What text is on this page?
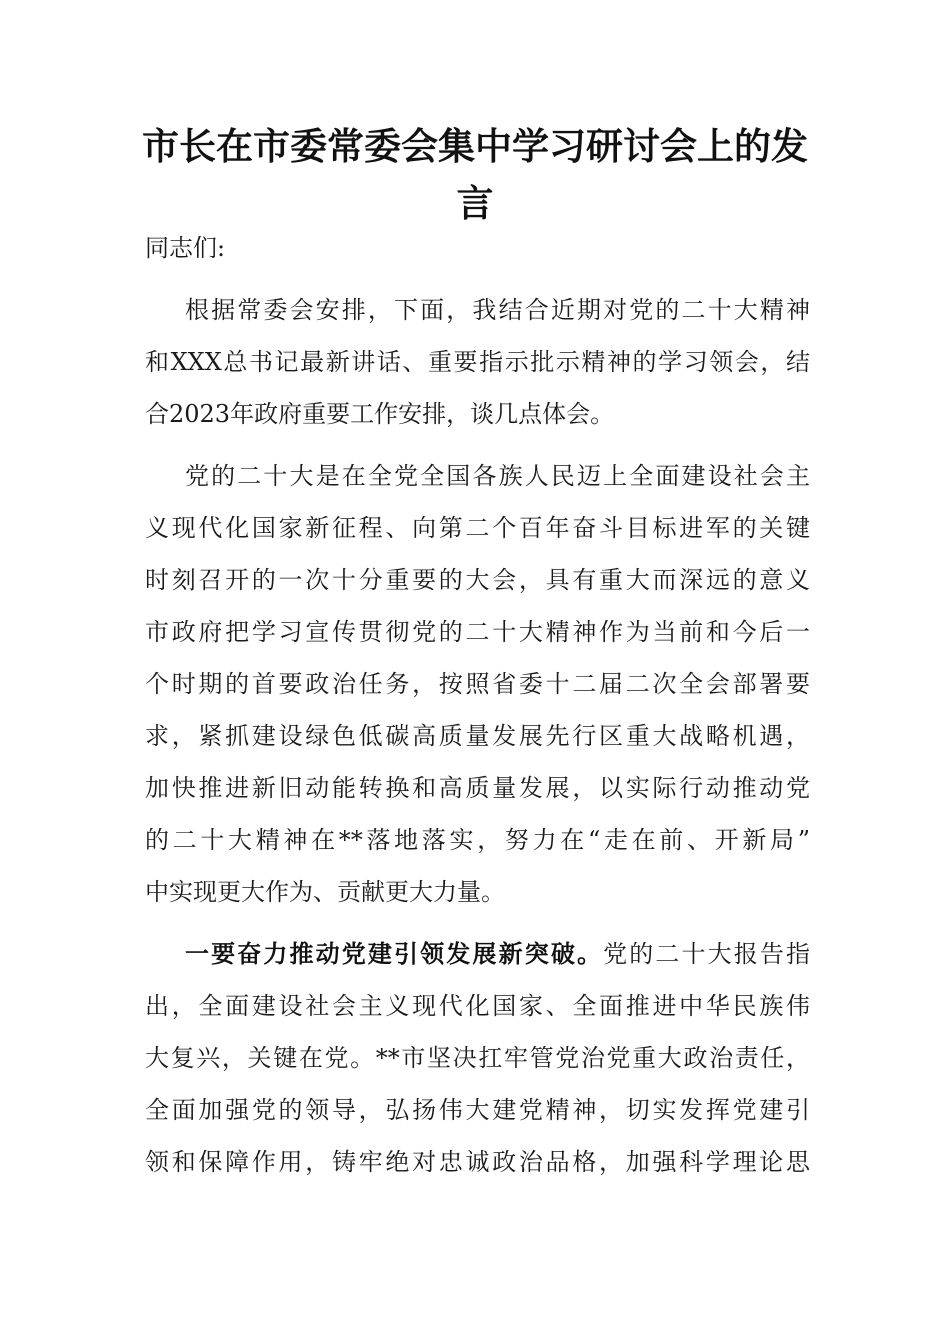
市长在市委常委会集中学习研讨会上的发言

同志们:

根据常委会安排，下面，我结合近期对党的二十大精神
和XXX总书记最新讲话、重要指示批示精神的学习领会，结
合2023年政府重要工作安排，谈几点体会。
党的二十大是在全党全国各族人民迈上全面建设社会主
义现代化国家新征程、向第二个百年奋斗目标进军的关键
时刻召开的一次十分重要的大会，具有重大而深远的意义
市政府把学习宣传贯彻党的二十大精神作为当前和今后一
个时期的首要政治任务，按照省委十二届二次全会部署要
求，紧抓建设绿色低碳高质量发展先行区重大战略机遇，
加快推进新旧动能转换和高质量发展，以实际行动推动党
的二十大精神在**落地落实，努力在“走在前、开新局”
中实现更大作为、贡献更大力量。
一要奋力推动党建引领发展新突破。党的二十大报告指
出，全面建设社会主义现代化国家、全面推进中华民族伟
大复兴，关键在党。**市坚决扛牢管党治党重大政治责任，
全面加强党的领导，弘扬伟大建党精神，切实发挥党建引
领和保障作用，铸牢绝对忠诚政治品格，加强科学理论思
